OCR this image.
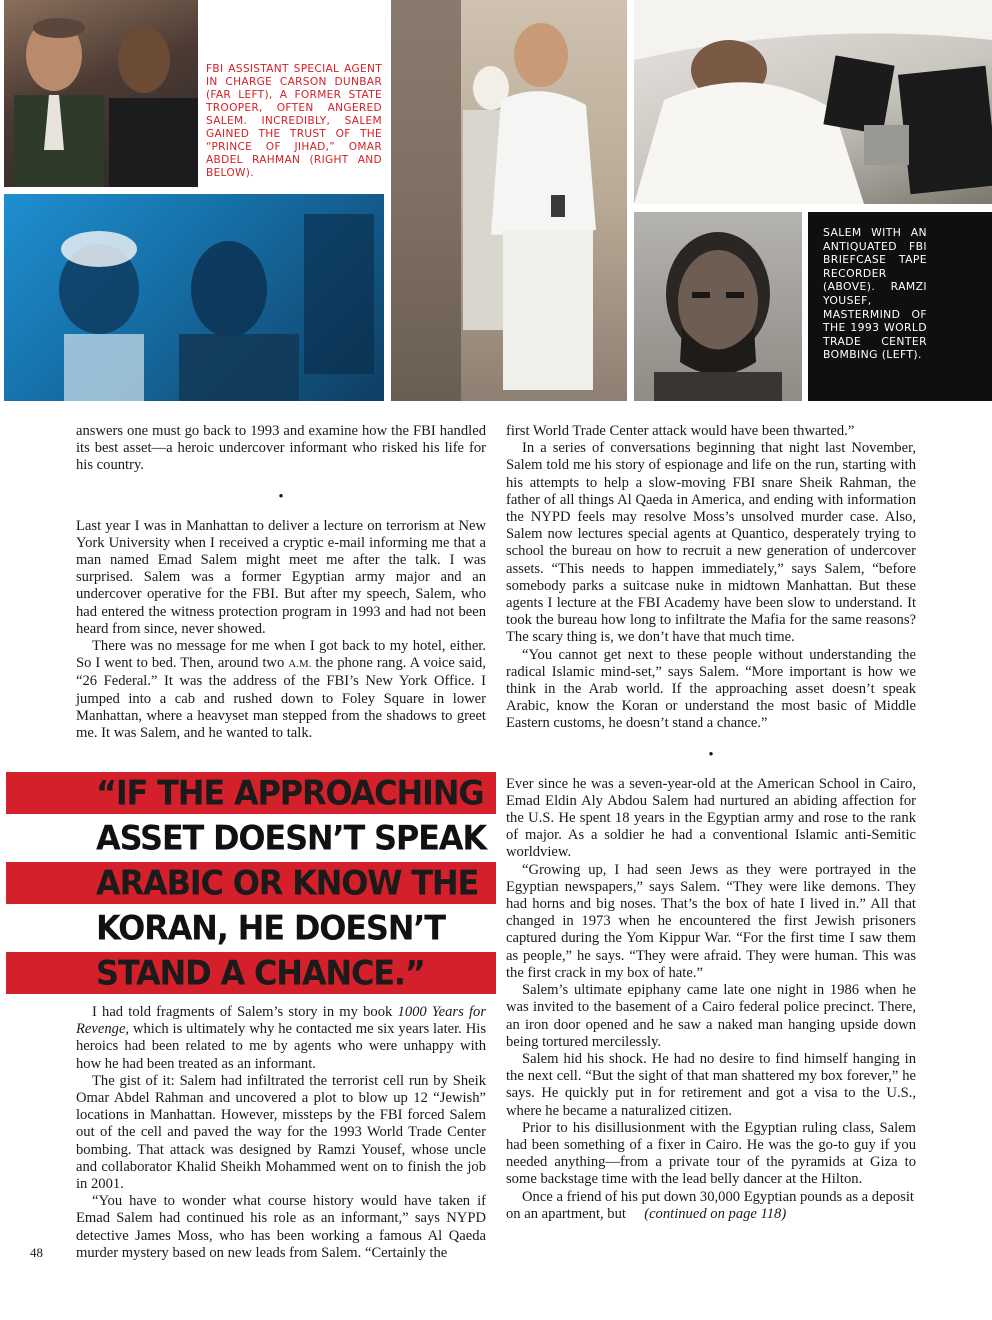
FBI ASSISTANT SPECIAL AGENT IN CHARGE CARSON DUNBAR (FAR LEFT), A FORMER STATE TROOPER, OFTEN ANGERED SALEM. INCREDIBLY, SALEM GAINED THE TRUST OF THE “PRINCE OF JIHAD,” OMAR ABDEL RAHMAN (RIGHT AND BELOW).
SALEM WITH AN ANTIQUATED FBI BRIEFCASE TAPE RECORDER (ABOVE). RAMZI YOUSEF, MASTERMIND OF THE 1993 WORLD TRADE CENTER BOMBING (LEFT).

answers one must go back to 1993 and examine how the FBI handled its best asset—a heroic undercover informant who risked his life for his country.

•

Last year I was in Manhattan to deliver a lecture on terrorism at New York University when I received a cryptic e-mail informing me that a man named Emad Salem might meet me after the talk. I was surprised. Salem was a former Egyptian army major and an undercover operative for the FBI. But after my speech, Salem, who had entered the witness protection program in 1993 and had not been heard from since, never showed.

There was no message for me when I got back to my hotel, either. So I went to bed. Then, around two A.M. the phone rang. A voice said, “26 Federal.” It was the address of the FBI’s New York Office. I jumped into a cab and rushed down to Foley Square in lower Manhattan, where a heavyset man stepped from the shadows to greet me. It was Salem, and he wanted to talk.

“IF THE APPROACHING
ASSET DOESN’T SPEAK
ARABIC OR KNOW THE
KORAN, HE DOESN’T
STAND A CHANCE.”

I had told fragments of Salem’s story in my book 1000 Years for Revenge, which is ultimately why he contacted me six years later. His heroics had been related to me by agents who were unhappy with how he had been treated as an informant.

The gist of it: Salem had infiltrated the terrorist cell run by Sheik Omar Abdel Rahman and uncovered a plot to blow up 12 “Jewish” locations in Manhattan. However, missteps by the FBI forced Salem out of the cell and paved the way for the 1993 World Trade Center bombing. That attack was designed by Ramzi Yousef, whose uncle and collaborator Khalid Sheikh Mohammed went on to finish the job in 2001.

“You have to wonder what course history would have taken if Emad Salem had continued his role as an informant,” says NYPD detective James Moss, who has been working a famous Al Qaeda murder mystery based on new leads from Salem. “Certainly the

first World Trade Center attack would have been thwarted.”

In a series of conversations beginning that night last November, Salem told me his story of espionage and life on the run, starting with his attempts to help a slow-moving FBI snare Sheik Rahman, the father of all things Al Qaeda in America, and ending with information the NYPD feels may resolve Moss’s unsolved murder case. Also, Salem now lectures special agents at Quantico, desperately trying to school the bureau on how to recruit a new generation of undercover assets. “This needs to happen immediately,” says Salem, “before somebody parks a suitcase nuke in midtown Manhattan. But these agents I lecture at the FBI Academy have been slow to understand. It took the bureau how long to infiltrate the Mafia for the same reasons? The scary thing is, we don’t have that much time.

“You cannot get next to these people without understanding the radical Islamic mind-set,” says Salem. “More important is how we think in the Arab world. If the approaching asset doesn’t speak Arabic, know the Koran or understand the most basic of Middle Eastern customs, he doesn’t stand a chance.”

•

Ever since he was a seven-year-old at the American School in Cairo, Emad Eldin Aly Abdou Salem had nurtured an abiding affection for the U.S. He spent 18 years in the Egyptian army and rose to the rank of major. As a soldier he had a conventional Islamic anti-Semitic worldview.

“Growing up, I had seen Jews as they were portrayed in the Egyptian newspapers,” says Salem. “They were like demons. They had horns and big noses. That’s the box of hate I lived in.” All that changed in 1973 when he encountered the first Jewish prisoners captured during the Yom Kippur War. “For the first time I saw them as people,” he says. “They were afraid. They were human. This was the first crack in my box of hate.”

Salem’s ultimate epiphany came late one night in 1986 when he was invited to the basement of a Cairo federal police precinct. There, an iron door opened and he saw a naked man hanging upside down being tortured mercilessly.

Salem hid his shock. He had no desire to find himself hanging in the next cell. “But the sight of that man shattered my box forever,” he says. He quickly put in for retirement and got a visa to the U.S., where he became a naturalized citizen.

Prior to his disillusionment with the Egyptian ruling class, Salem had been something of a fixer in Cairo. He was the go-to guy if you needed anything—from a private tour of the pyramids at Giza to some backstage time with the lead belly dancer at the Hilton.

Once a friend of his put down 30,000 Egyptian pounds as a deposit on an apartment, but (continued on page 118)

48
